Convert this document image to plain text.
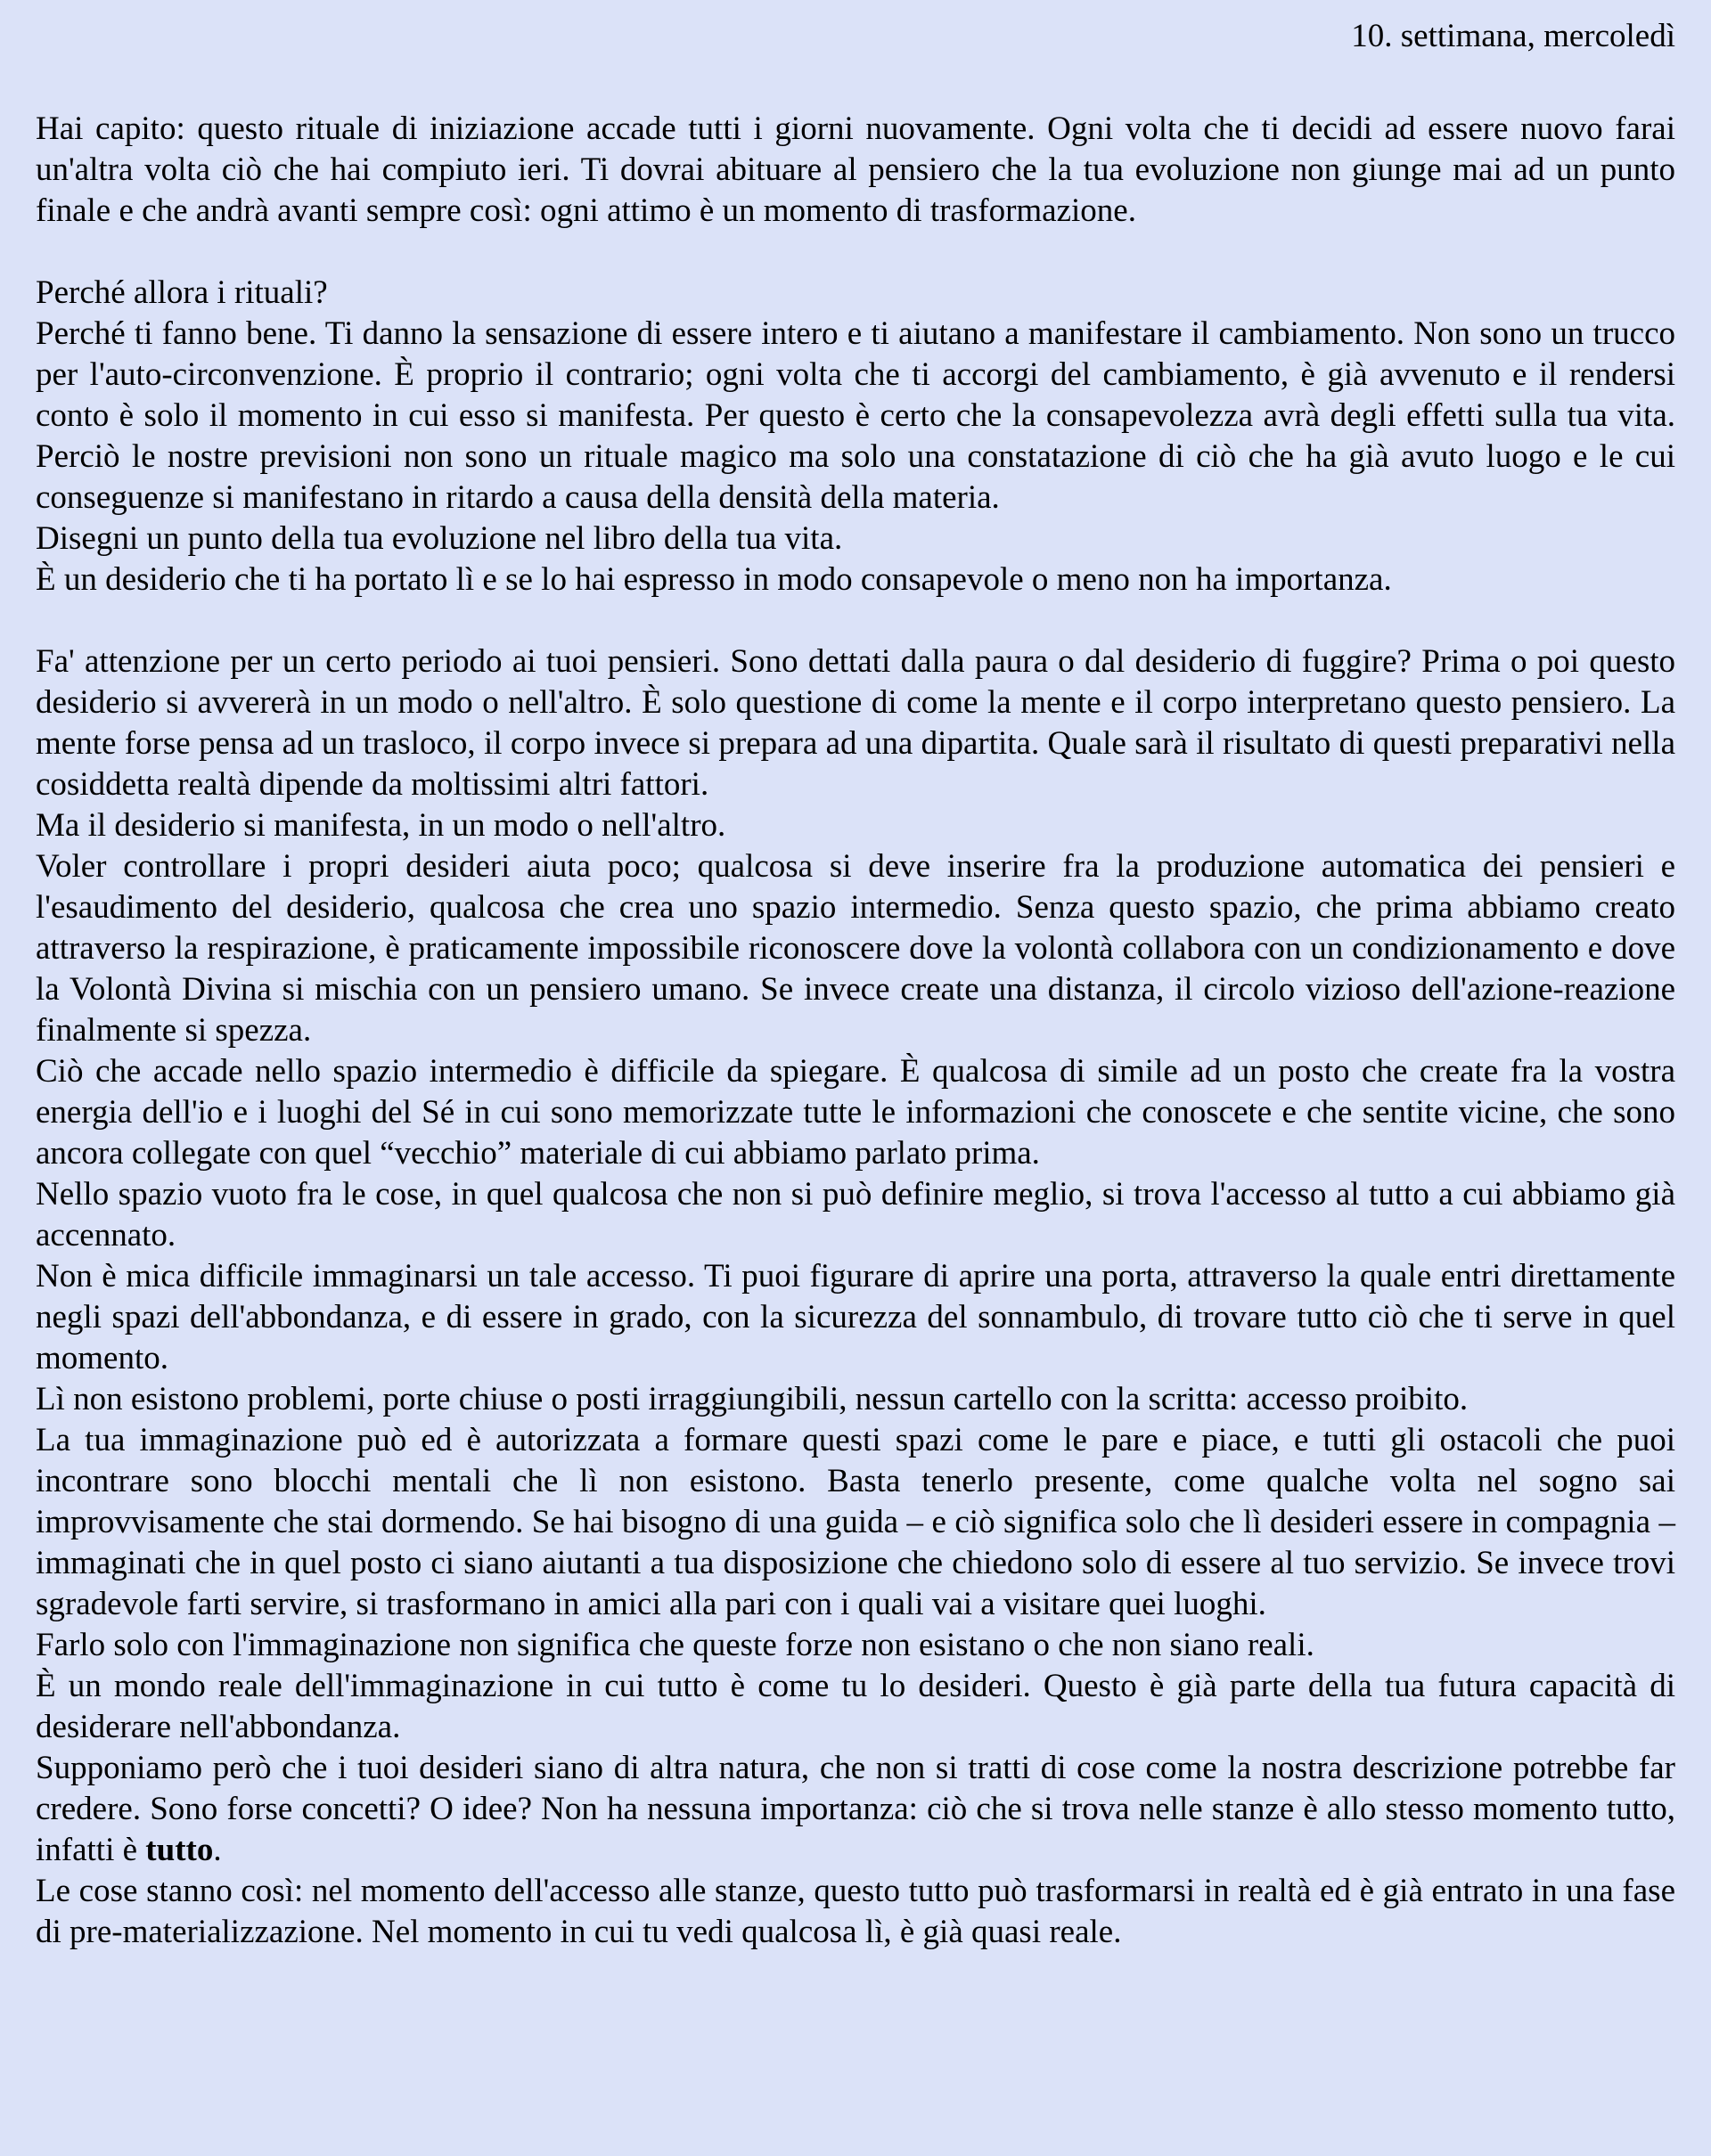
10. settimana, mercoledì

Hai capito: questo rituale di iniziazione accade tutti i giorni nuovamente. Ogni volta che ti decidi ad essere nuovo farai un'altra volta ciò che hai compiuto ieri. Ti dovrai abituare al pensiero che la tua evoluzione non giunge mai ad un punto finale e che andrà avanti sempre così: ogni attimo è un momento di trasformazione.

Perché allora i rituali?

Perché ti fanno bene. Ti danno la sensazione di essere intero e ti aiutano a manifestare il cambiamento. Non sono un trucco per l'auto-circonvenzione. È proprio il contrario; ogni volta che ti accorgi del cambiamento, è già avvenuto e il rendersi conto è solo il momento in cui esso si manifesta. Per questo è certo che la consapevolezza avrà degli effetti sulla tua vita. Perciò le nostre previsioni non sono un rituale magico ma solo una constatazione di ciò che ha già avuto luogo e le cui conseguenze si manifestano in ritardo a causa della densità della materia.

Disegni un punto della tua evoluzione nel libro della tua vita.

È un desiderio che ti ha portato lì e se lo hai espresso in modo consapevole o meno non ha importanza.

Fa' attenzione per un certo periodo ai tuoi pensieri. Sono dettati dalla paura o dal desiderio di fuggire? Prima o poi questo desiderio si avvererà in un modo o nell'altro. È solo questione di come la mente e il corpo interpretano questo pensiero. La mente forse pensa ad un trasloco, il corpo invece si prepara ad una dipartita. Quale sarà il risultato di questi preparativi nella cosiddetta realtà dipende da moltissimi altri fattori.

Ma il desiderio si manifesta, in un modo o nell'altro.

Voler controllare i propri desideri aiuta poco; qualcosa si deve inserire fra la produzione automatica dei pensieri e l'esaudimento del desiderio, qualcosa che crea uno spazio intermedio. Senza questo spazio, che prima abbiamo creato attraverso la respirazione, è praticamente impossibile riconoscere dove la volontà collabora con un condizionamento e dove la Volontà Divina si mischia con un pensiero umano. Se invece create una distanza, il circolo vizioso dell'azione-reazione finalmente si spezza.

Ciò che accade nello spazio intermedio è difficile da spiegare. È qualcosa di simile ad un posto che create fra la vostra energia dell'io e i luoghi del Sé in cui sono memorizzate tutte le informazioni che conoscete e che sentite vicine, che sono ancora collegate con quel “vecchio” materiale di cui abbiamo parlato prima.

Nello spazio vuoto fra le cose, in quel qualcosa che non si può definire meglio, si trova l'accesso al tutto a cui abbiamo già accennato.

Non è mica difficile immaginarsi un tale accesso. Ti puoi figurare di aprire una porta, attraverso la quale entri direttamente negli spazi dell'abbondanza, e di essere in grado, con la sicurezza del sonnambulo, di trovare tutto ciò che ti serve in quel momento.

Lì non esistono problemi, porte chiuse o posti irraggiungibili, nessun cartello con la scritta: accesso proibito.

La tua immaginazione può ed è autorizzata a formare questi spazi come le pare e piace, e tutti gli ostacoli che puoi incontrare sono blocchi mentali che lì non esistono. Basta tenerlo presente, come qualche volta nel sogno sai improvvisamente che stai dormendo. Se hai bisogno di una guida – e ciò significa solo che lì desideri essere in compagnia – immaginati che in quel posto ci siano aiutanti a tua disposizione che chiedono solo di essere al tuo servizio. Se invece trovi sgradevole farti servire, si trasformano in amici alla pari con i quali vai a visitare quei luoghi.

Farlo solo con l'immaginazione non significa che queste forze non esistano o che non siano reali.

È un mondo reale dell'immaginazione in cui tutto è come tu lo desideri. Questo è già parte della tua futura capacità di desiderare nell'abbondanza.

Supponiamo però che i tuoi desideri siano di altra natura, che non si tratti di cose come la nostra descrizione potrebbe far credere. Sono forse concetti? O idee? Non ha nessuna importanza: ciò che si trova nelle stanze è allo stesso momento tutto, infatti è tutto.

Le cose stanno così: nel momento dell'accesso alle stanze, questo tutto può trasformarsi in realtà ed è già entrato in una fase di pre-materializzazione. Nel momento in cui tu vedi qualcosa lì, è già quasi reale.
